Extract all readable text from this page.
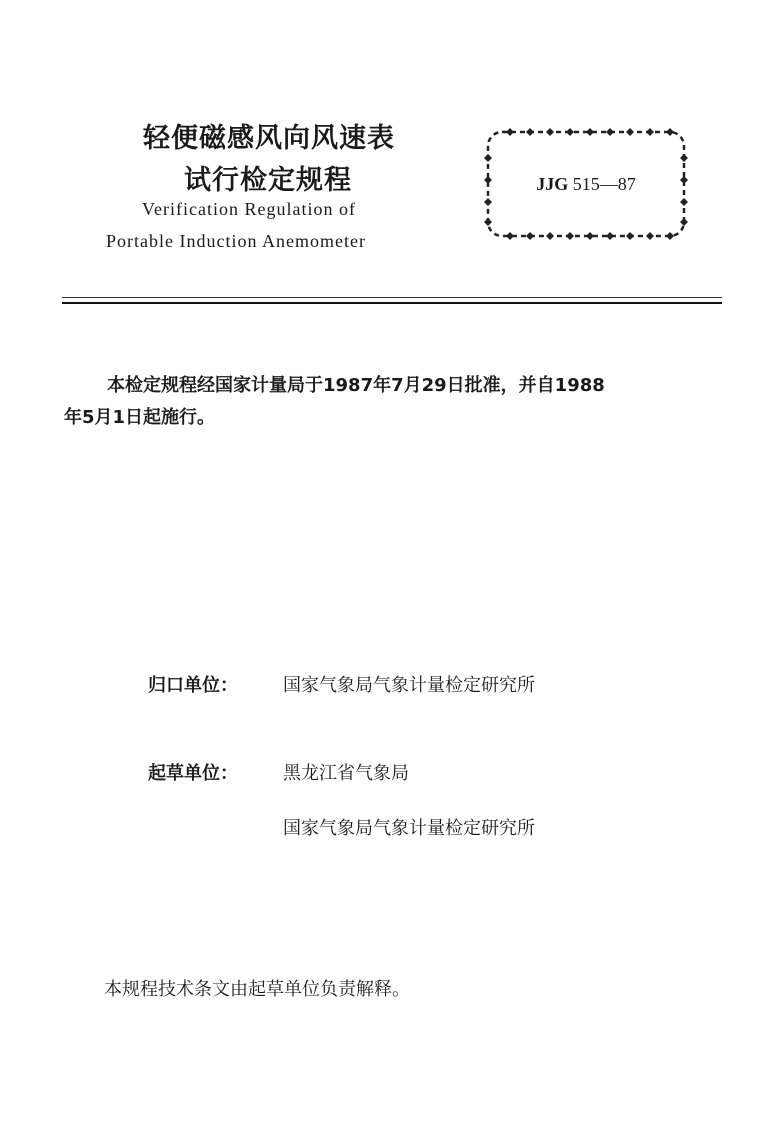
轻便磁感风向风速表
试行检定规程
Verification Regulation of
Portable Induction Anemometer
JJG 515—87
本检定规程经国家计量局于1987年7月29日批准，并自1988
年5月1日起施行。
归口单位：	国家气象局气象计量检定研究所
起草单位：	黑龙江省气象局
国家气象局气象计量检定研究所
本规程技术条文由起草单位负责解释。
